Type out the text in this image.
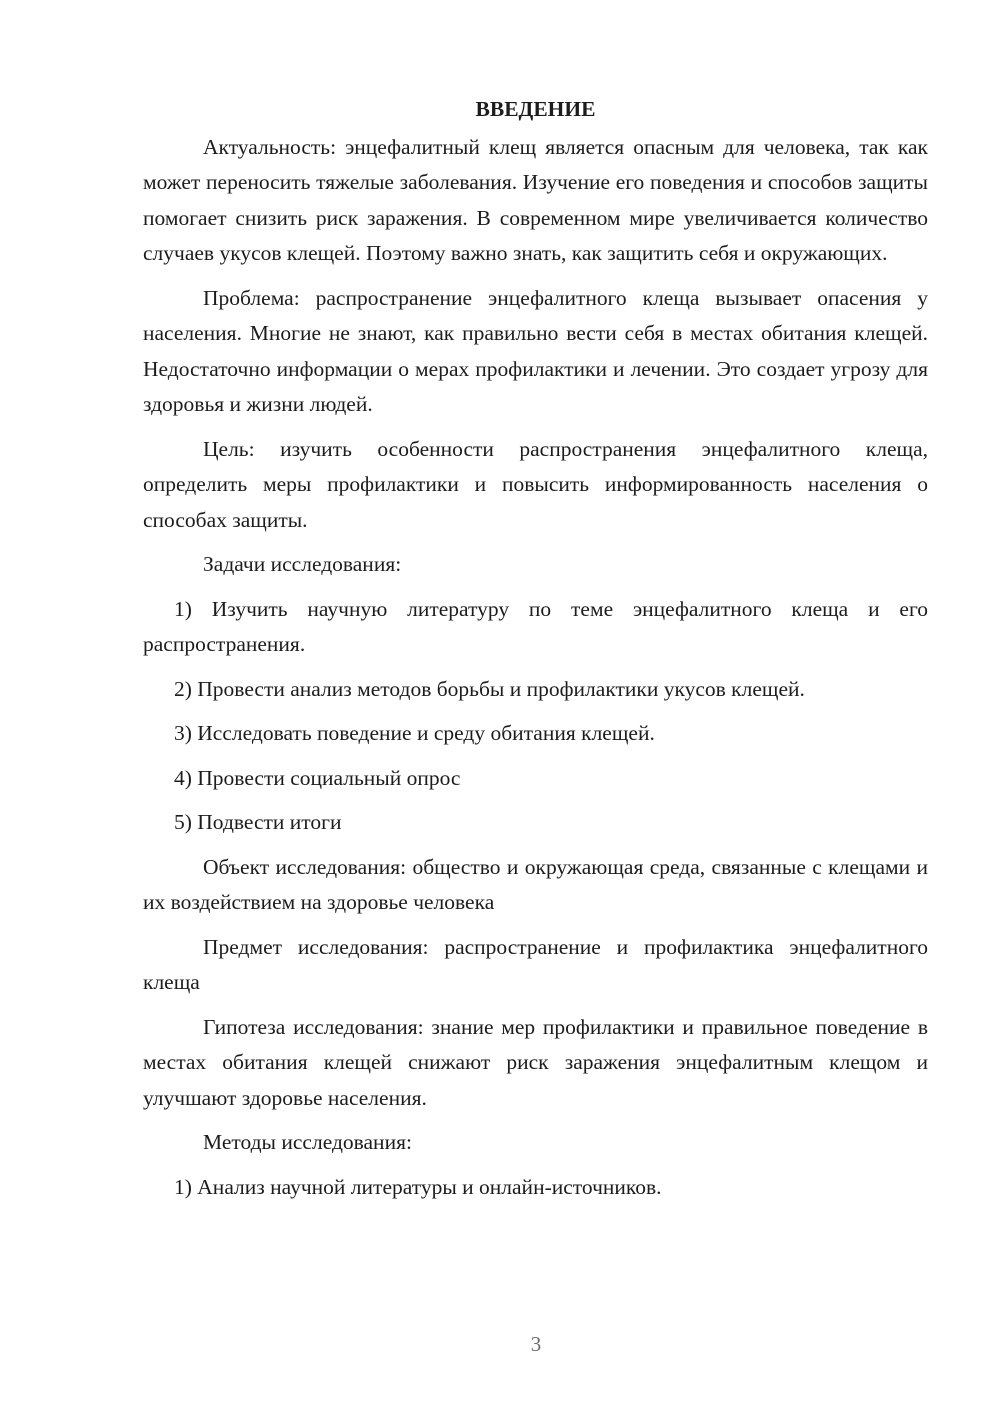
ВВЕДЕНИЕ

Актуальность: энцефалитный клещ является опасным для человека, так как может переносить тяжелые заболевания. Изучение его поведения и способов защиты помогает снизить риск заражения. В современном мире увеличивается количество случаев укусов клещей. Поэтому важно знать, как защитить себя и окружающих.

Проблема: распространение энцефалитного клеща вызывает опасения у населения. Многие не знают, как правильно вести себя в местах обитания клещей. Недостаточно информации о мерах профилактики и лечении. Это создает угрозу для здоровья и жизни людей.

Цель: изучить особенности распространения энцефалитного клеща, определить меры профилактики и повысить информированность населения о способах защиты.

Задачи исследования:

1) Изучить научную литературу по теме энцефалитного клеща и его распространения.

2) Провести анализ методов борьбы и профилактики укусов клещей.

3) Исследовать поведение и среду обитания клещей.

4) Провести социальный опрос

5) Подвести итоги

Объект исследования: общество и окружающая среда, связанные с клещами и их воздействием на здоровье человека

Предмет исследования: распространение и профилактика энцефалитного клеща

Гипотеза исследования: знание мер профилактики и правильное поведение в местах обитания клещей снижают риск заражения энцефалитным клещом и улучшают здоровье населения.

Методы исследования:

1) Анализ научной литературы и онлайн-источников.

3
